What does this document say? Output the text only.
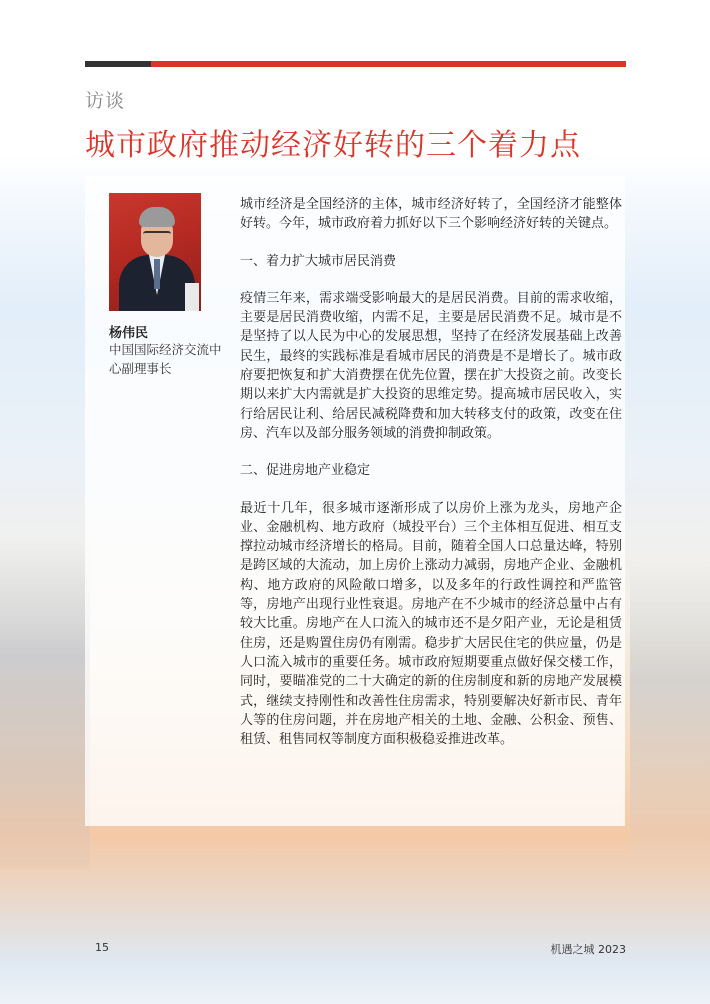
访谈
城市政府推动经济好转的三个着力点
杨伟民
中国国际经济交流中心副理事长

城市经济是全国经济的主体，城市经济好转了，全国经济才能整体好转。今年，城市政府着力抓好以下三个影响经济好转的关键点。

一、着力扩大城市居民消费

疫情三年来，需求端受影响最大的是居民消费。目前的需求收缩，主要是居民消费收缩，内需不足，主要是居民消费不足。城市是不是坚持了以人民为中心的发展思想，坚持了在经济发展基础上改善民生，最终的实践标准是看城市居民的消费是不是增长了。城市政府要把恢复和扩大消费摆在优先位置，摆在扩大投资之前。改变长期以来扩大内需就是扩大投资的思维定势。提高城市居民收入，实行给居民让利、给居民减税降费和加大转移支付的政策，改变在住房、汽车以及部分服务领域的消费抑制政策。

二、促进房地产业稳定

最近十几年，很多城市逐渐形成了以房价上涨为龙头，房地产企业、金融机构、地方政府（城投平台）三个主体相互促进、相互支撑拉动城市经济增长的格局。目前，随着全国人口总量达峰，特别是跨区域的大流动，加上房价上涨动力减弱，房地产企业、金融机构、地方政府的风险敞口增多，以及多年的行政性调控和严监管等，房地产出现行业性衰退。房地产在不少城市的经济总量中占有较大比重。房地产在人口流入的城市还不是夕阳产业，无论是租赁住房，还是购置住房仍有刚需。稳步扩大居民住宅的供应量，仍是人口流入城市的重要任务。城市政府短期要重点做好保交楼工作，同时，要瞄准党的二十大确定的新的住房制度和新的房地产发展模式，继续支持刚性和改善性住房需求，特别要解决好新市民、青年人等的住房问题，并在房地产相关的土地、金融、公积金、预售、租赁、租售同权等制度方面积极稳妥推进改革。

15	机遇之城 2023
